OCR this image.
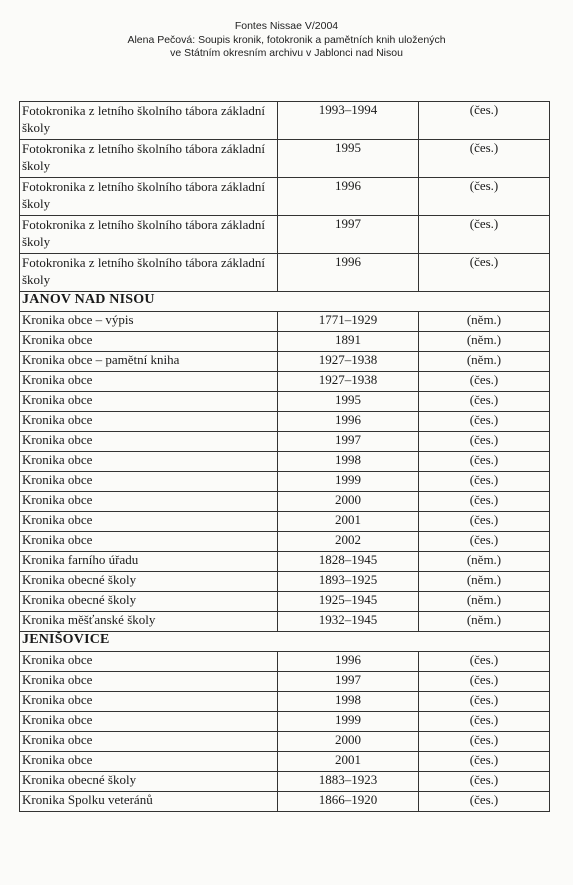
Fontes Nissae V/2004
Alena Pečová: Soupis kronik, fotokronik a pamětních knih uložených
ve Státním okresním archivu v Jablonci nad Nisou
Fotokronika z letního školního tábora základní školy	1993–1994	(čes.)
Fotokronika z letního školního tábora základní školy	1995	(čes.)
Fotokronika z letního školního tábora základní školy	1996	(čes.)
Fotokronika z letního školního tábora základní školy	1997	(čes.)
Fotokronika z letního školního tábora základní školy	1996	(čes.)
JANOV NAD NISOU		
Kronika obce – výpis	1771–1929	(něm.)
Kronika obce	1891	(něm.)
Kronika obce – pamětní kniha	1927–1938	(něm.)
Kronika obce	1927–1938	(čes.)
Kronika obce	1995	(čes.)
Kronika obce	1996	(čes.)
Kronika obce	1997	(čes.)
Kronika obce	1998	(čes.)
Kronika obce	1999	(čes.)
Kronika obce	2000	(čes.)
Kronika obce	2001	(čes.)
Kronika obce	2002	(čes.)
Kronika farního úřadu	1828–1945	(něm.)
Kronika obecné školy	1893–1925	(něm.)
Kronika obecné školy	1925–1945	(něm.)
Kronika měšťanské školy	1932–1945	(něm.)
JENIŠOVICE		
Kronika obce	1996	(čes.)
Kronika obce	1997	(čes.)
Kronika obce	1998	(čes.)
Kronika obce	1999	(čes.)
Kronika obce	2000	(čes.)
Kronika obce	2001	(čes.)
Kronika obecné školy	1883–1923	(čes.)
Kronika Spolku veteránů	1866–1920	(čes.)
